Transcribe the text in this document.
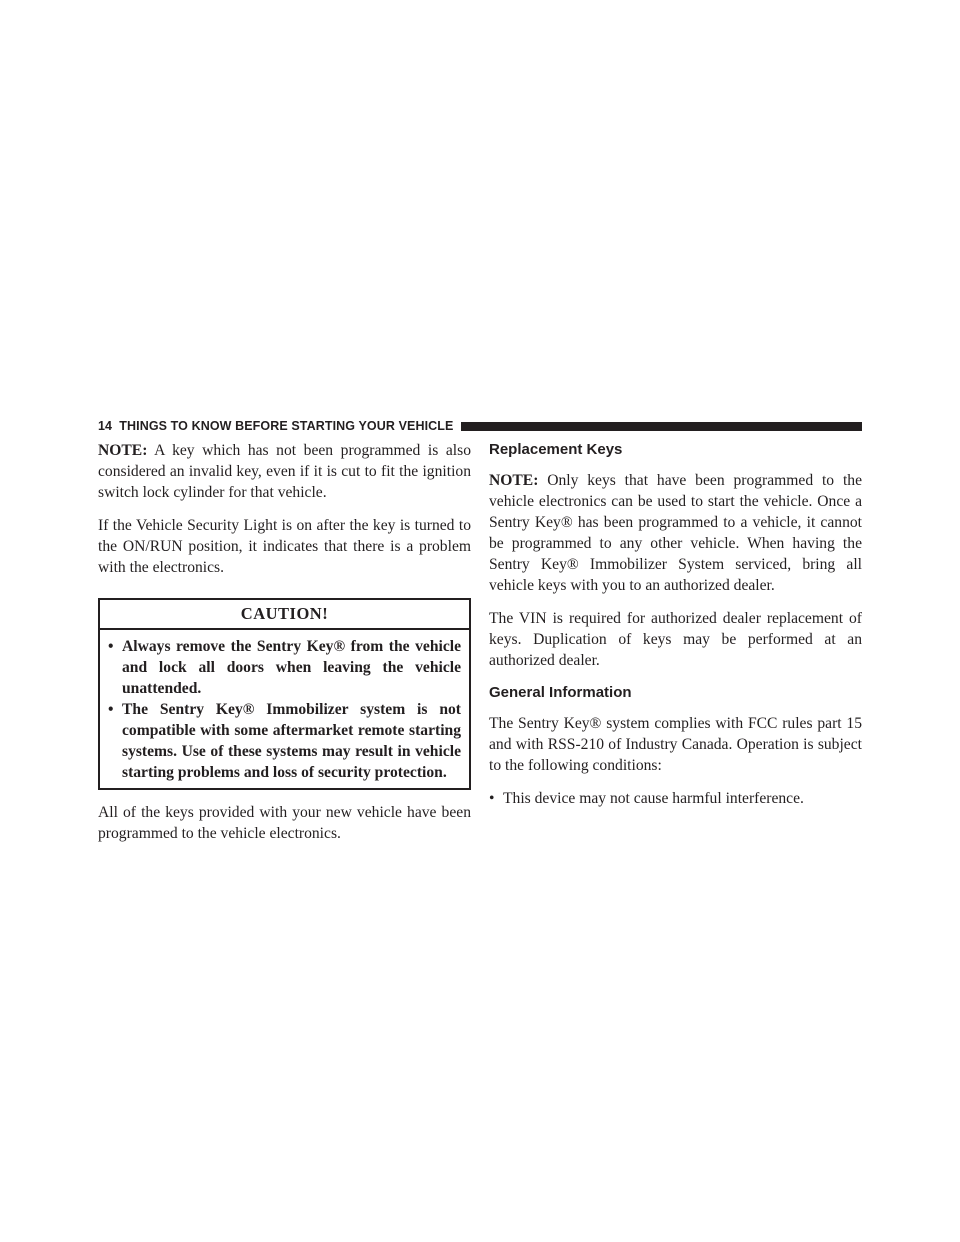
14 THINGS TO KNOW BEFORE STARTING YOUR VEHICLE

NOTE: A key which has not been programmed is also considered an invalid key, even if it is cut to fit the ignition switch lock cylinder for that vehicle.

If the Vehicle Security Light is on after the key is turned to the ON/RUN position, it indicates that there is a problem with the electronics.

CAUTION!
• Always remove the Sentry Key® from the vehicle and lock all doors when leaving the vehicle unattended.
• The Sentry Key® Immobilizer system is not compatible with some aftermarket remote starting systems. Use of these systems may result in vehicle starting problems and loss of security protection.

All of the keys provided with your new vehicle have been programmed to the vehicle electronics.

Replacement Keys

NOTE: Only keys that have been programmed to the vehicle electronics can be used to start the vehicle. Once a Sentry Key® has been programmed to a vehicle, it cannot be programmed to any other vehicle. When having the Sentry Key® Immobilizer System serviced, bring all vehicle keys with you to an authorized dealer.

The VIN is required for authorized dealer replacement of keys. Duplication of keys may be performed at an authorized dealer.

General Information

The Sentry Key® system complies with FCC rules part 15 and with RSS-210 of Industry Canada. Operation is subject to the following conditions:

• This device may not cause harmful interference.
